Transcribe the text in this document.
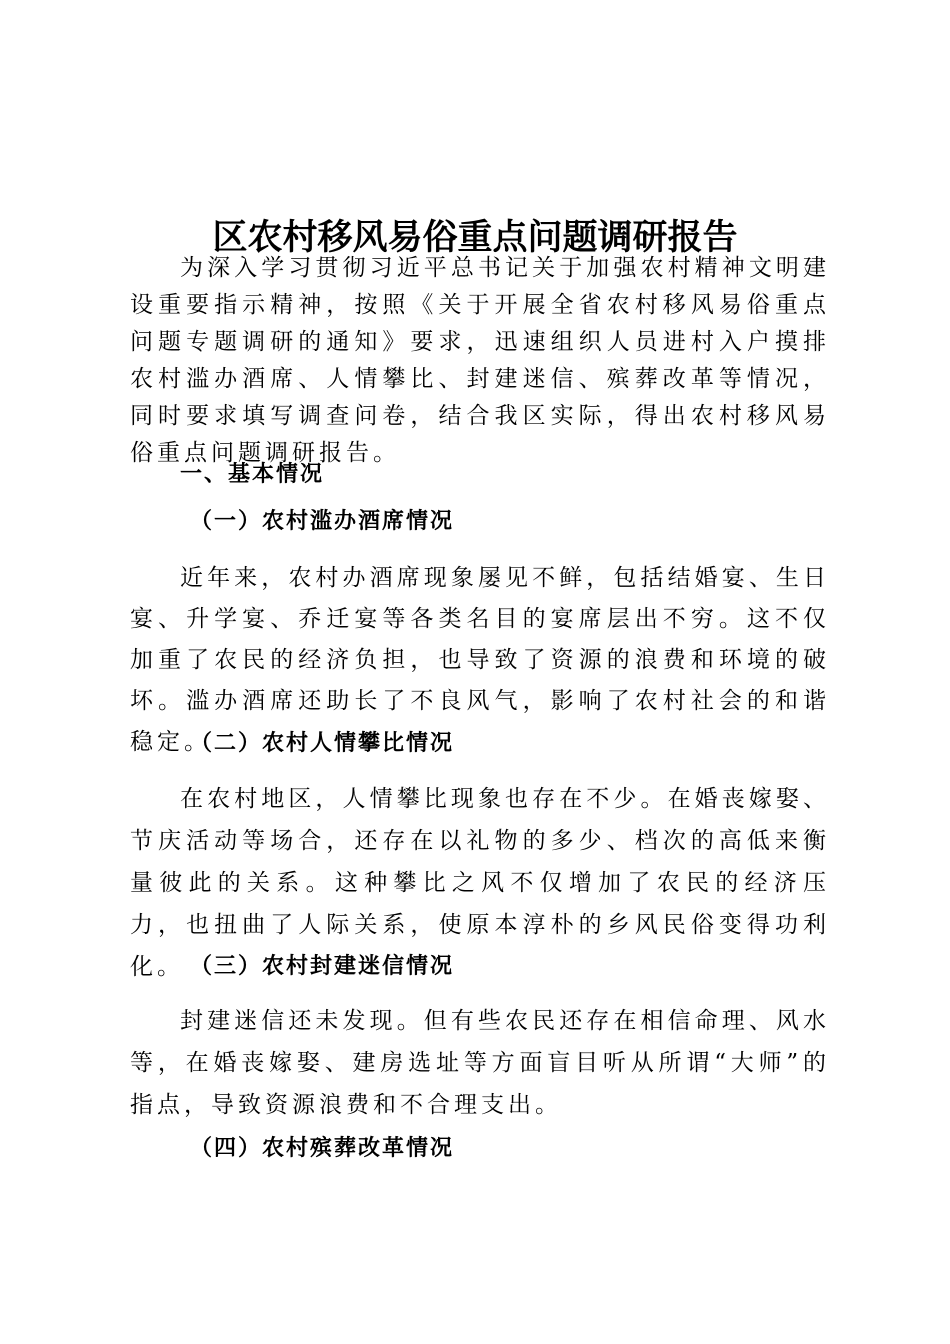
区农村移风易俗重点问题调研报告

为深入学习贯彻习近平总书记关于加强农村精神文明建设重要指示精神，按照《关于开展全省农村移风易俗重点问题专题调研的通知》要求，迅速组织人员进村入户摸排农村滥办酒席、人情攀比、封建迷信、殡葬改革等情况，同时要求填写调查问卷，结合我区实际，得出农村移风易俗重点问题调研报告。

一、基本情况
（一）农村滥办酒席情况

近年来，农村办酒席现象屡见不鲜，包括结婚宴、生日宴、升学宴、乔迁宴等各类名目的宴席层出不穷。这不仅加重了农民的经济负担，也导致了资源的浪费和环境的破坏。滥办酒席还助长了不良风气，影响了农村社会的和谐稳定。

（二）农村人情攀比情况

在农村地区，人情攀比现象也存在不少。在婚丧嫁娶、节庆活动等场合，还存在以礼物的多少、档次的高低来衡量彼此的关系。这种攀比之风不仅增加了农民的经济压力，也扭曲了人际关系，使原本淳朴的乡风民俗变得功利化。 （三）农村封建迷信情况

封建迷信还未发现。但有些农民还存在相信命理、风水等，在婚丧嫁娶、建房选址等方面盲目听从所谓“大师”的指点，导致资源浪费和不合理支出。

（四）农村殡葬改革情况
